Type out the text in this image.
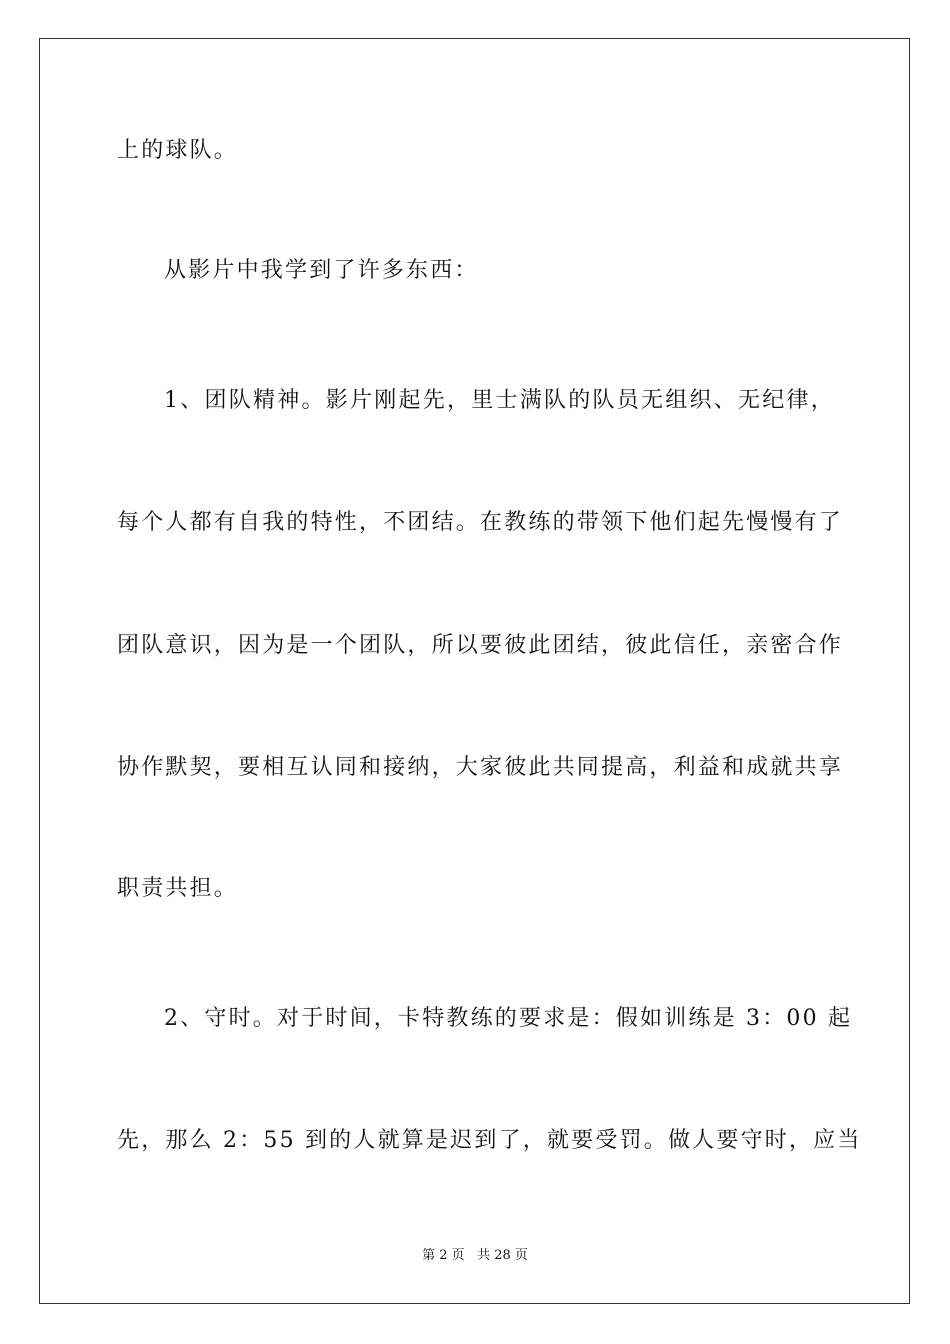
上的球队。
从影片中我学到了许多东西：
1、团队精神。影片刚起先，里士满队的队员无组织、无纪律，
每个人都有自我的特性，不团结。在教练的带领下他们起先慢慢有了
团队意识，因为是一个团队，所以要彼此团结，彼此信任，亲密合作
协作默契，要相互认同和接纳，大家彼此共同提高，利益和成就共享
职责共担。
2、守时。对于时间，卡特教练的要求是：假如训练是 3：00 起
先，那么 2：55 到的人就算是迟到了，就要受罚。做人要守时，应当
第 2 页 共 28 页
